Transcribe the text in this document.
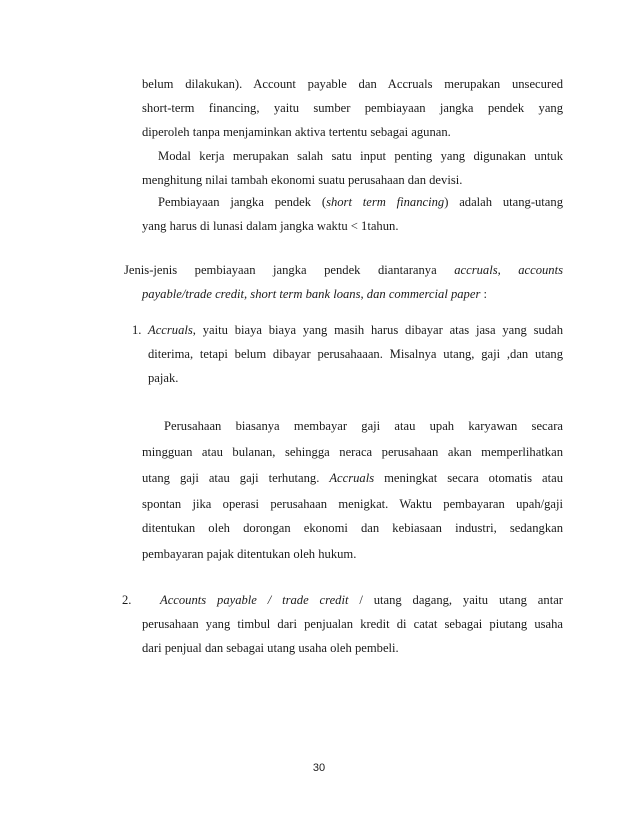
belum dilakukan). Account payable dan Accruals merupakan unsecured
short-term financing, yaitu sumber pembiayaan jangka pendek yang
diperoleh tanpa menjaminkan aktiva tertentu sebagai agunan.
Modal kerja merupakan salah satu input penting yang digunakan untuk
menghitung nilai tambah ekonomi suatu perusahaan dan devisi.
Pembiayaan jangka pendek (short term financing) adalah utang-utang
yang harus di lunasi dalam jangka waktu < 1tahun.
Jenis-jenis pembiayaan jangka pendek diantaranya accruals, accounts
payable/trade credit, short term bank loans, dan commercial paper :
1. Accruals, yaitu biaya biaya yang masih harus dibayar atas jasa yang sudah
diterima, tetapi belum dibayar perusahaaan. Misalnya utang, gaji ,dan utang
pajak.
Perusahaan biasanya membayar gaji atau upah karyawan secara
mingguan atau bulanan, sehingga neraca perusahaan akan memperlihatkan
utang gaji atau gaji terhutang. Accruals meningkat secara otomatis atau
spontan jika operasi perusahaan menigkat. Waktu pembayaran upah/gaji
ditentukan oleh dorongan ekonomi dan kebiasaan industri, sedangkan
pembayaran pajak ditentukan oleh hukum.
2. Accounts payable / trade credit / utang dagang, yaitu utang antar
perusahaan yang timbul dari penjualan kredit di catat sebagai piutang usaha
dari penjual dan sebagai utang usaha oleh pembeli.
30
